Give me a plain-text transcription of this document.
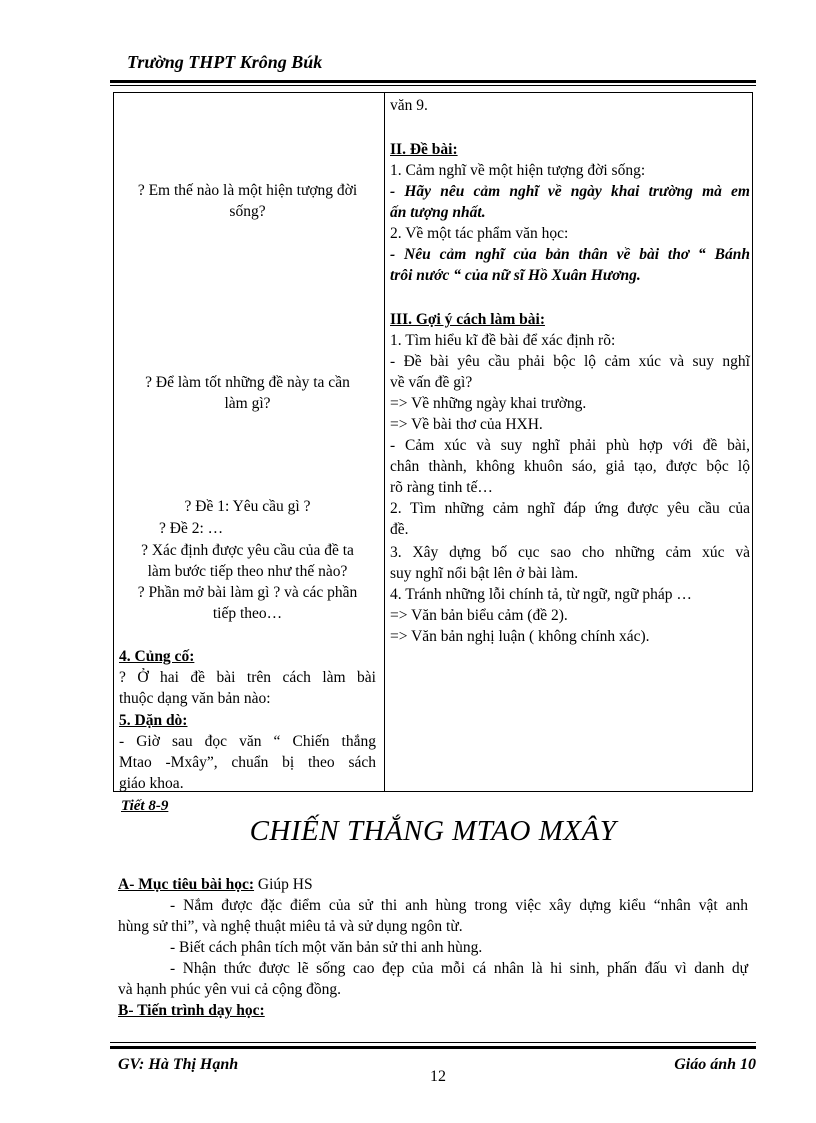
Trường THPT Krông Búk
? Em thế nào là một hiện tượng đời
sống?
? Để làm tốt những đề này ta cần
làm gì?
? Đề 1: Yêu cầu gì ?
? Đề 2: …
? Xác định được yêu cầu của đề ta
làm bước tiếp theo như thế nào?
? Phần mở bài làm gì ? và các phần
tiếp theo…
4. Củng cố:
? Ở hai đề bài trên cách làm bài
thuộc dạng văn bản nào:
5. Dặn dò:
- Giờ sau đọc văn “ Chiến thắng
Mtao -Mxây”, chuẩn bị theo sách
giáo khoa.
văn 9.
II. Đề bài:
1. Cảm nghĩ về một hiện tượng đời sống:
- Hãy nêu cảm nghĩ về ngày khai trường mà em
ấn tượng nhất.
2. Về một tác phẩm văn học:
- Nêu cảm nghĩ của bản thân về bài thơ “ Bánh
trôi nước “ của nữ sĩ Hồ Xuân Hương.
III. Gợi ý cách làm bài:
1. Tìm hiểu kĩ đề bài để xác định rõ:
- Đề bài yêu cầu phải bộc lộ cảm xúc và suy nghĩ
về vấn đề gì?
=> Về những ngày khai trường.
=> Về bài thơ của HXH.
- Cảm xúc và suy nghĩ phải phù hợp với đề bài,
chân thành, không khuôn sáo, giả tạo, được bộc lộ
rõ ràng tinh tế…
2. Tìm những cảm nghĩ đáp ứng được yêu cầu của
đề.
3. Xây dựng bố cục sao cho những cảm xúc và
suy nghĩ nổi bật lên ở bài làm.
4. Tránh những lỗi chính tả, từ ngữ, ngữ pháp …
=> Văn bản biểu cảm (đề 2).
=> Văn bản nghị luận ( không chính xác).
Tiết 8-9
CHIẾN THẮNG MTAO MXÂY
A- Mục tiêu bài học: Giúp HS
- Nắm được đặc điểm của sử thi anh hùng trong việc xây dựng kiểu “nhân vật anh
hùng sử thi”, và nghệ thuật miêu tả và sử dụng ngôn từ.
- Biết cách phân tích một văn bản sử thi anh hùng.
- Nhận thức được lẽ sống cao đẹp của mỗi cá nhân là hi sinh, phấn đấu vì danh dự
và hạnh phúc yên vui cả cộng đồng.
B- Tiến trình dạy học:
GV: Hà Thị Hạnh	Giáo ánh 10
12
